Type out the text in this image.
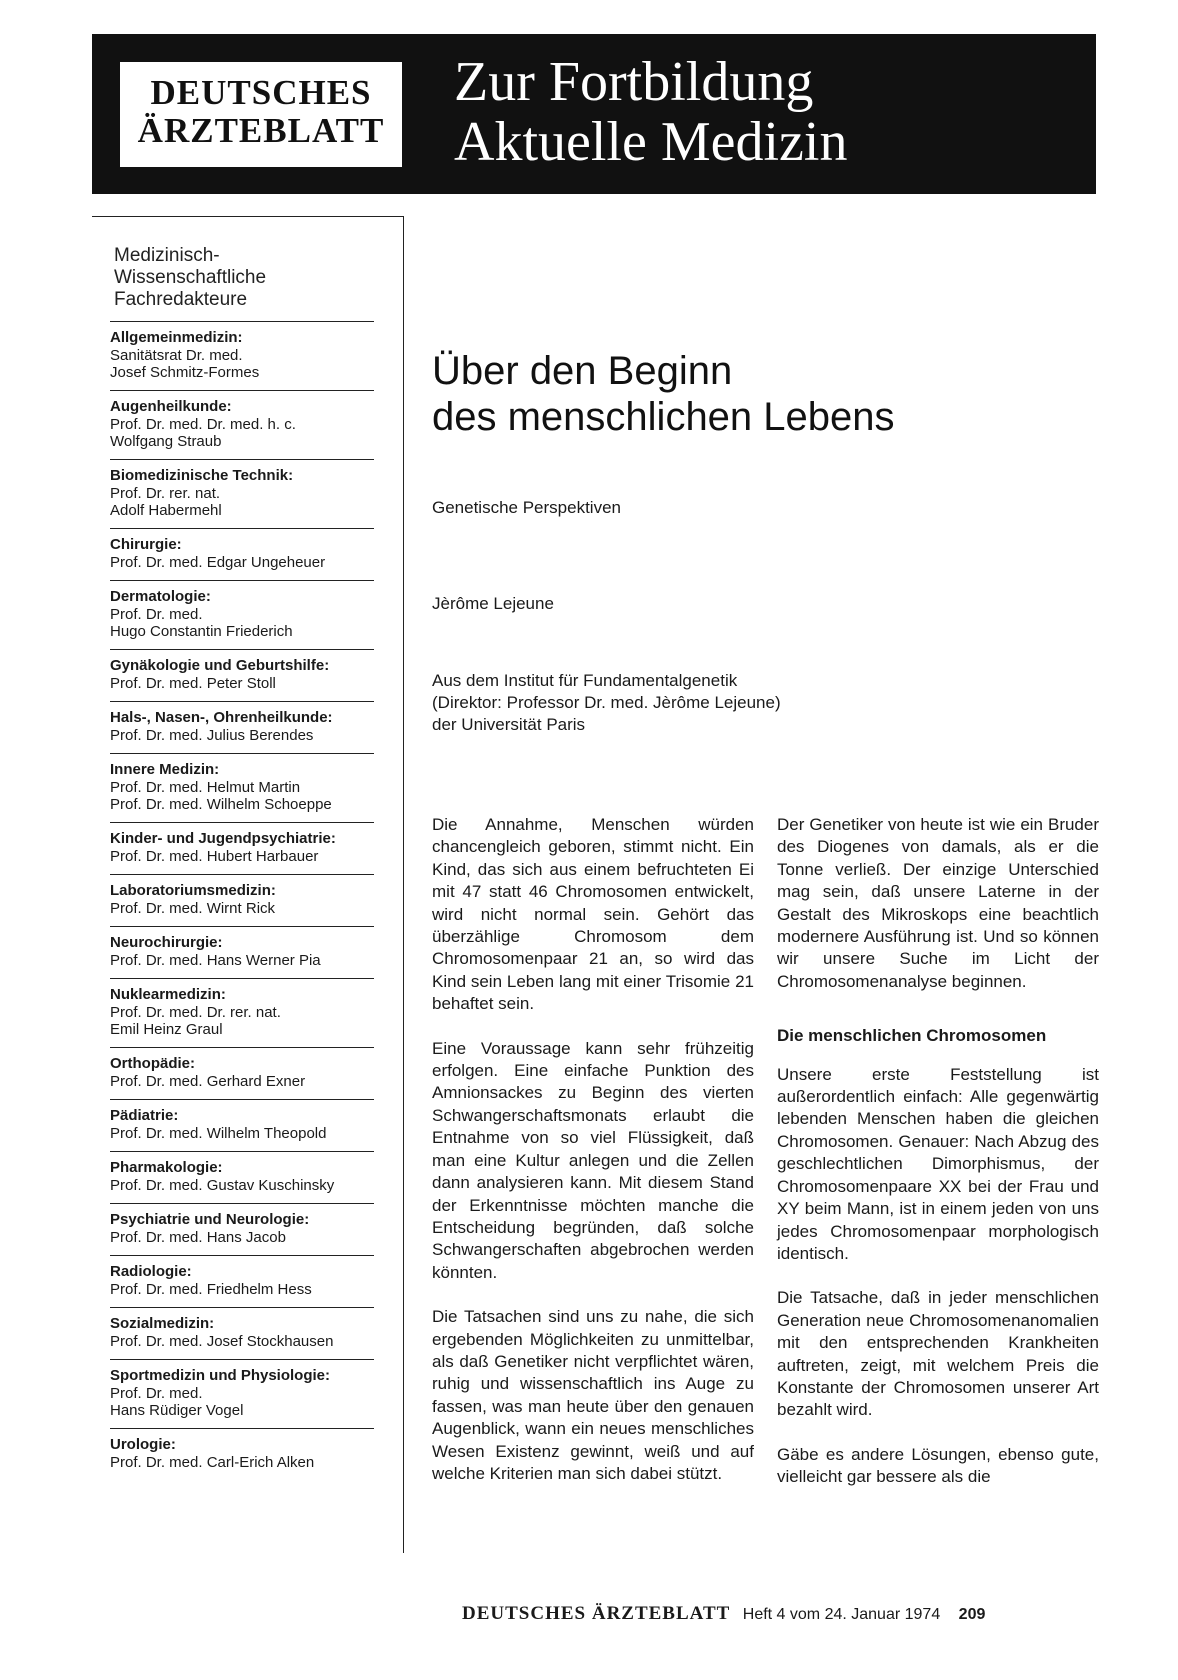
DEUTSCHES
ÄRZTEBLATT
Zur Fortbildung
Aktuelle Medizin
Medizinisch-
Wissenschaftliche
Fachredakteure
Allgemeinmedizin:
Sanitätsrat Dr. med.
Josef Schmitz-Formes
Augenheilkunde:
Prof. Dr. med. Dr. med. h. c.
Wolfgang Straub
Biomedizinische Technik:
Prof. Dr. rer. nat.
Adolf Habermehl
Chirurgie:
Prof. Dr. med. Edgar Ungeheuer
Dermatologie:
Prof. Dr. med.
Hugo Constantin Friederich
Gynäkologie und Geburtshilfe:
Prof. Dr. med. Peter Stoll
Hals-, Nasen-, Ohrenheilkunde:
Prof. Dr. med. Julius Berendes
Innere Medizin:
Prof. Dr. med. Helmut Martin
Prof. Dr. med. Wilhelm Schoeppe
Kinder- und Jugendpsychiatrie:
Prof. Dr. med. Hubert Harbauer
Laboratoriumsmedizin:
Prof. Dr. med. Wirnt Rick
Neurochirurgie:
Prof. Dr. med. Hans Werner Pia
Nuklearmedizin:
Prof. Dr. med. Dr. rer. nat.
Emil Heinz Graul
Orthopädie:
Prof. Dr. med. Gerhard Exner
Pädiatrie:
Prof. Dr. med. Wilhelm Theopold
Pharmakologie:
Prof. Dr. med. Gustav Kuschinsky
Psychiatrie und Neurologie:
Prof. Dr. med. Hans Jacob
Radiologie:
Prof. Dr. med. Friedhelm Hess
Sozialmedizin:
Prof. Dr. med. Josef Stockhausen
Sportmedizin und Physiologie:
Prof. Dr. med.
Hans Rüdiger Vogel
Urologie:
Prof. Dr. med. Carl-Erich Alken
Über den Beginn
des menschlichen Lebens
Genetische Perspektiven
Jèrôme Lejeune
Aus dem Institut für Fundamentalgenetik
(Direktor: Professor Dr. med. Jèrôme Lejeune)
der Universität Paris

Die Annahme, Menschen würden chancengleich geboren, stimmt nicht. Ein Kind, das sich aus einem befruchteten Ei mit 47 statt 46 Chromosomen entwickelt, wird nicht normal sein. Gehört das überzählige Chromosom dem Chromosomenpaar 21 an, so wird das Kind sein Leben lang mit einer Trisomie 21 behaftet sein.

Eine Voraussage kann sehr frühzeitig erfolgen. Eine einfache Punktion des Amnionsackes zu Beginn des vierten Schwangerschaftsmonats erlaubt die Entnahme von so viel Flüssigkeit, daß man eine Kultur anlegen und die Zellen dann analysieren kann. Mit diesem Stand der Erkenntnisse möchten manche die Entscheidung begründen, daß solche Schwangerschaften abgebrochen werden könnten.

Die Tatsachen sind uns zu nahe, die sich ergebenden Möglichkeiten zu unmittelbar, als daß Genetiker nicht verpflichtet wären, ruhig und wissenschaftlich ins Auge zu fassen, was man heute über den genauen Augenblick, wann ein neues menschliches Wesen Existenz gewinnt, weiß und auf welche Kriterien man sich dabei stützt.

Der Genetiker von heute ist wie ein Bruder des Diogenes von damals, als er die Tonne verließ. Der einzige Unterschied mag sein, daß unsere Laterne in der Gestalt des Mikroskops eine beachtlich modernere Ausführung ist. Und so können wir unsere Suche im Licht der Chromosomenanalyse beginnen.

Die menschlichen Chromosomen

Unsere erste Feststellung ist außerordentlich einfach: Alle gegenwärtig lebenden Menschen haben die gleichen Chromosomen. Genauer: Nach Abzug des geschlechtlichen Dimorphismus, der Chromosomenpaare XX bei der Frau und XY beim Mann, ist in einem jeden von uns jedes Chromosomenpaar morphologisch identisch.

Die Tatsache, daß in jeder menschlichen Generation neue Chromosomenanomalien mit den entsprechenden Krankheiten auftreten, zeigt, mit welchem Preis die Konstante der Chromosomen unserer Art bezahlt wird.

Gäbe es andere Lösungen, ebenso gute, vielleicht gar bessere als die

DEUTSCHES ÄRZTEBLATT Heft 4 vom 24. Januar 1974 209
